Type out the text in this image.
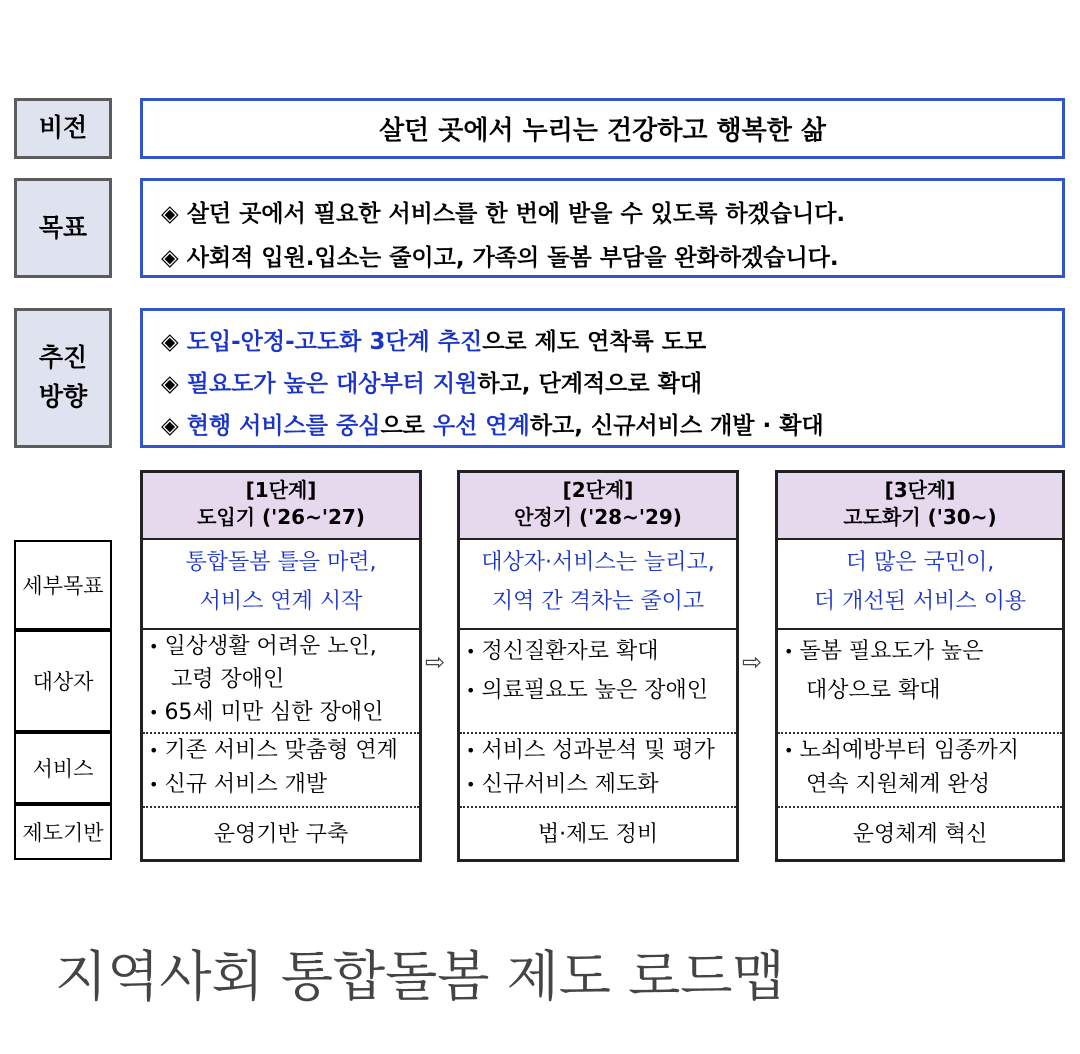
비전	살던 곳에서 누리는 건강하고 행복한 삶
목표	◈ 살던 곳에서 필요한 서비스를 한 번에 받을 수 있도록 하겠습니다.
◈ 사회적 입원.입소는 줄이고, 가족의 돌봄 부담을 완화하겠습니다.
추진
방향
◈ 도입-안정-고도화 3단계 추진으로 제도 연착륙 도모
◈ 필요도가 높은 대상부터 지원하고, 단계적으로 확대
◈ 현행 서비스를 중심으로 우선 연계하고, 신규서비스 개발 · 확대
세부목표
대상자
서비스
제도기반
[1단계]
도입기 ('26~'27)
통합돌봄 틀을 마련,
서비스 연계 시작
• 일상생활 어려운 노인,
고령 장애인
• 65세 미만 심한 장애인
• 기존 서비스 맞춤형 연계
• 신규 서비스 개발
운영기반 구축
⇨
[2단계]
안정기 ('28~'29)
대상자·서비스는 늘리고,
지역 간 격차는 줄이고
• 정신질환자로 확대
• 의료필요도 높은 장애인
• 서비스 성과분석 및 평가
• 신규서비스 제도화
법·제도 정비
⇨
[3단계]
고도화기 ('30~)
더 많은 국민이,
더 개선된 서비스 이용
• 돌봄 필요도가 높은
대상으로 확대
• 노쇠예방부터 임종까지
연속 지원체계 완성
운영체계 혁신
지역사회 통합돌봄 제도 로드맵
